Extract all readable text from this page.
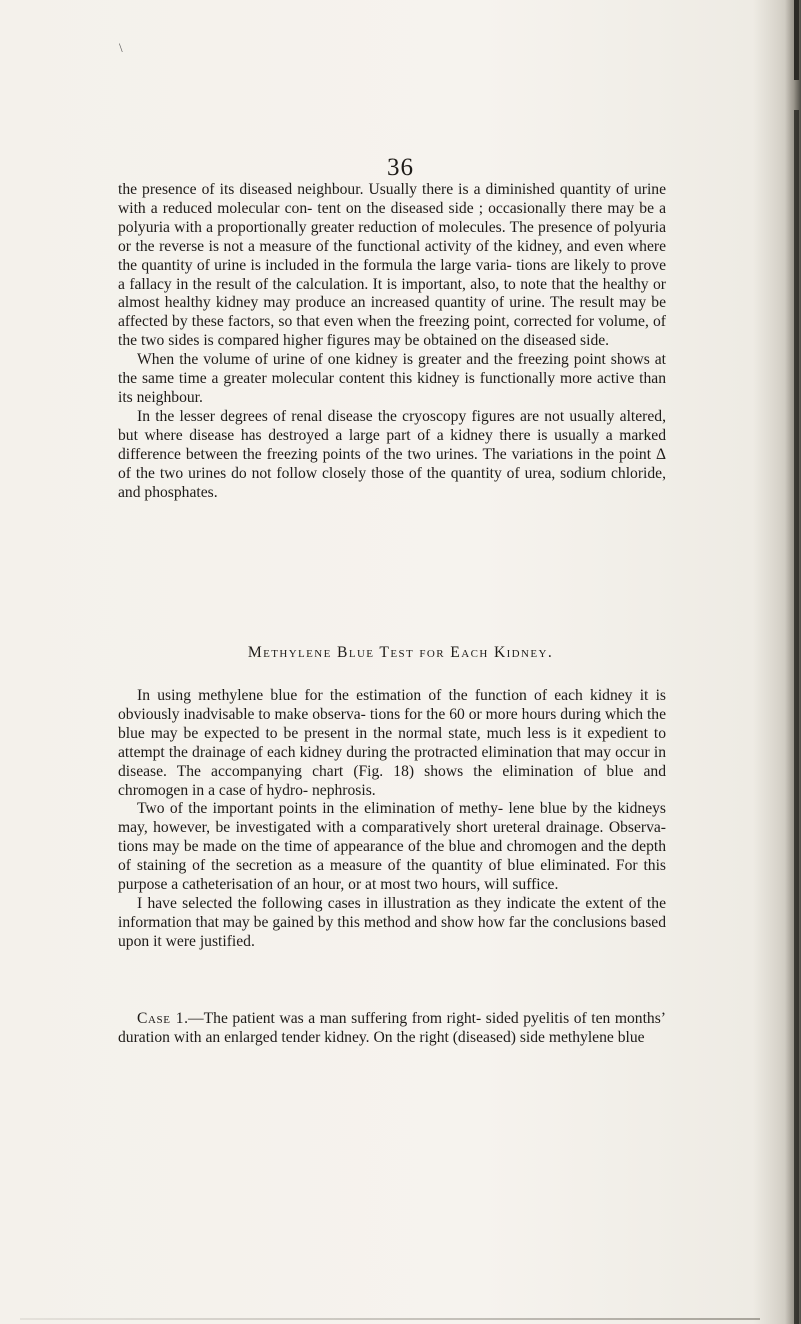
\
36

the presence of its diseased neighbour. Usually there is a diminished quantity of urine with a reduced molecular con- tent on the diseased side ; occasionally there may be a polyuria with a proportionally greater reduction of molecules. The presence of polyuria or the reverse is not a measure of the functional activity of the kidney, and even where the quantity of urine is included in the formula the large varia- tions are likely to prove a fallacy in the result of the calculation. It is important, also, to note that the healthy or almost healthy kidney may produce an increased quantity of urine. The result may be affected by these factors, so that even when the freezing point, corrected for volume, of the two sides is compared higher figures may be obtained on the diseased side.

When the volume of urine of one kidney is greater and the freezing point shows at the same time a greater molecular content this kidney is functionally more active than its neighbour.

In the lesser degrees of renal disease the cryoscopy figures are not usually altered, but where disease has destroyed a large part of a kidney there is usually a marked difference between the freezing points of the two urines. The variations in the point Δ of the two urines do not follow closely those of the quantity of urea, sodium chloride, and phosphates.

Methylene Blue Test for Each Kidney.

In using methylene blue for the estimation of the function of each kidney it is obviously inadvisable to make observa- tions for the 60 or more hours during which the blue may be expected to be present in the normal state, much less is it expedient to attempt the drainage of each kidney during the protracted elimination that may occur in disease. The accompanying chart (Fig. 18) shows the elimination of blue and chromogen in a case of hydro- nephrosis.

Two of the important points in the elimination of methy- lene blue by the kidneys may, however, be investigated with a comparatively short ureteral drainage. Observa- tions may be made on the time of appearance of the blue and chromogen and the depth of staining of the secretion as a measure of the quantity of blue eliminated. For this purpose a catheterisation of an hour, or at most two hours, will suffice.

I have selected the following cases in illustration as they indicate the extent of the information that may be gained by this method and show how far the conclusions based upon it were justified.

Case 1.—The patient was a man suffering from right- sided pyelitis of ten months’ duration with an enlarged tender kidney. On the right (diseased) side methylene blue
